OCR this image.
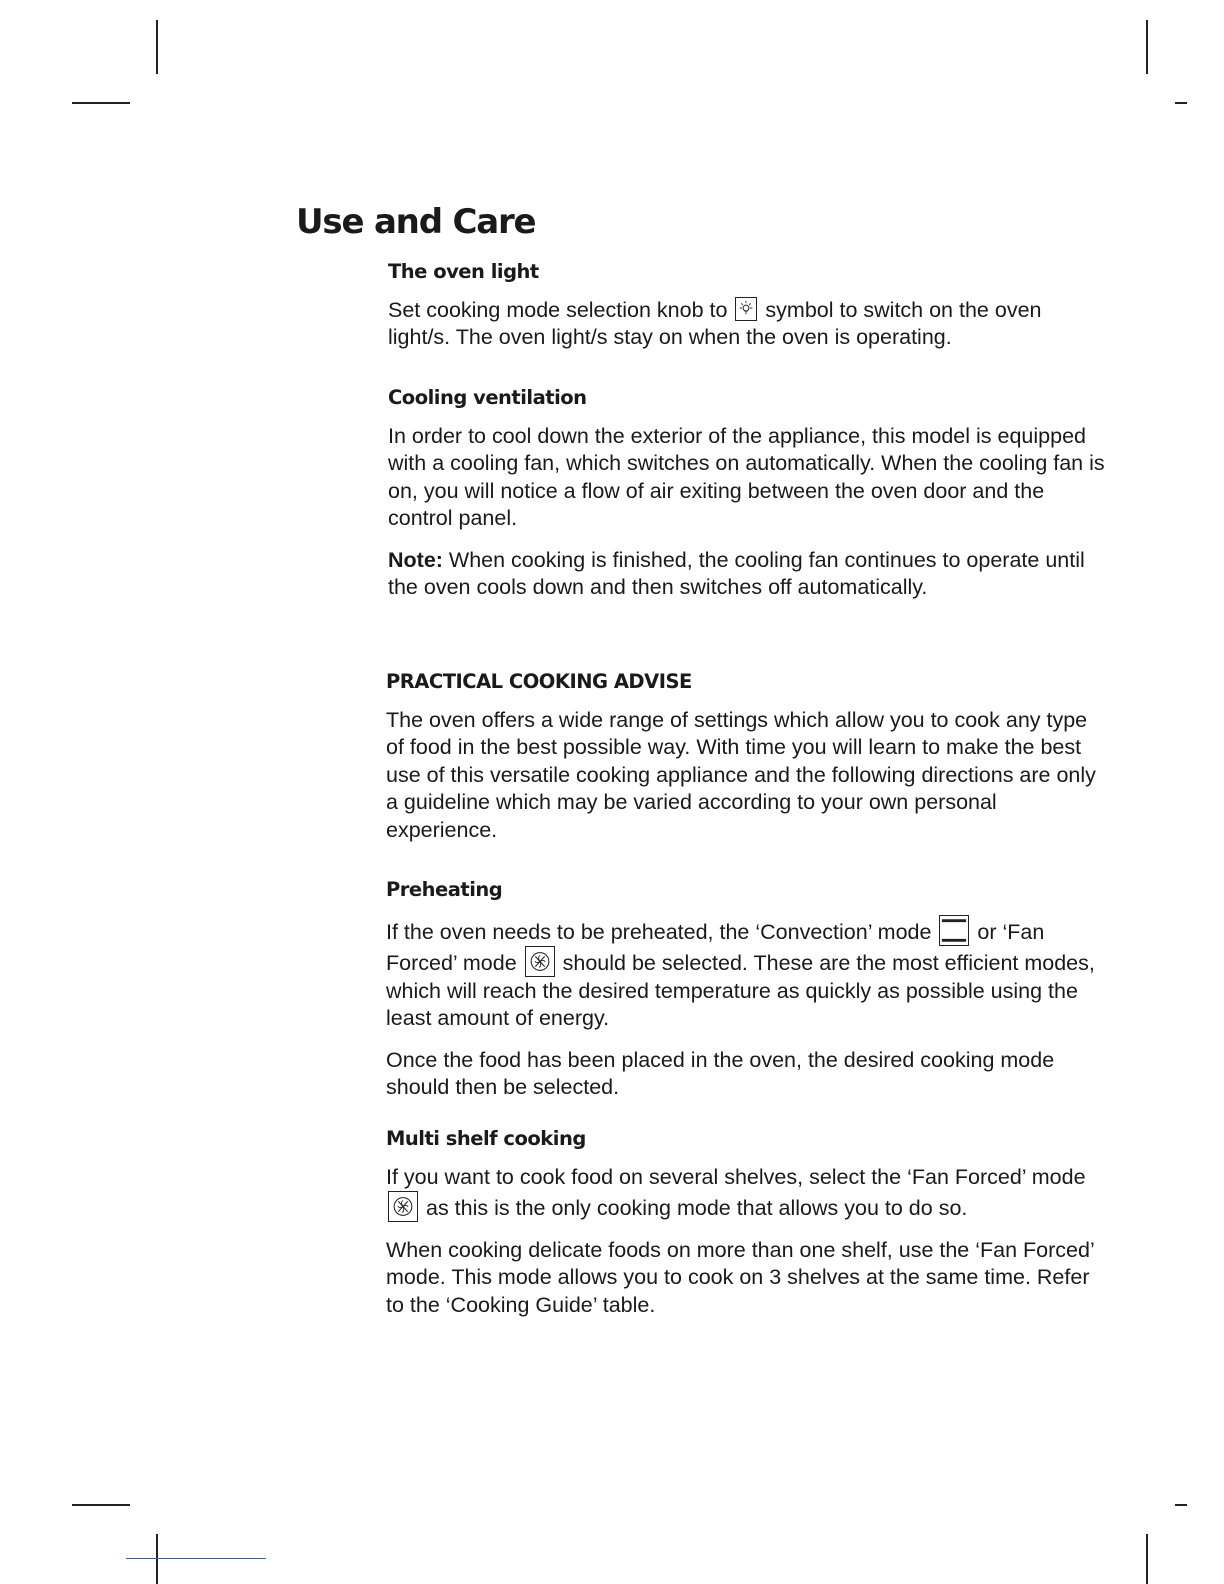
Use and Care
The oven light

Set cooking mode selection knob to symbol to switch on the oven light/s. The oven light/s stay on when the oven is operating.

Cooling ventilation

In order to cool down the exterior of the appliance, this model is equipped with a cooling fan, which switches on automatically. When the cooling fan is on, you will notice a flow of air exiting between the oven door and the control panel.

Note: When cooking is finished, the cooling fan continues to operate until the oven cools down and then switches off automatically.

PRACTICAL COOKING ADVISE

The oven offers a wide range of settings which allow you to cook any type of food in the best possible way. With time you will learn to make the best use of this versatile cooking appliance and the following directions are only a guideline which may be varied according to your own personal experience.

Preheating

If the oven needs to be preheated, the ‘Convection’ mode or ‘Fan Forced’ mode should be selected. These are the most efficient modes, which will reach the desired temperature as quickly as possible using the least amount of energy.

Once the food has been placed in the oven, the desired cooking mode should then be selected.

Multi shelf cooking

If you want to cook food on several shelves, select the ‘Fan Forced’ mode
as this is the only cooking mode that allows you to do so.

When cooking delicate foods on more than one shelf, use the ‘Fan Forced’ mode. This mode allows you to cook on 3 shelves at the same time. Refer to the ‘Cooking Guide’ table.
